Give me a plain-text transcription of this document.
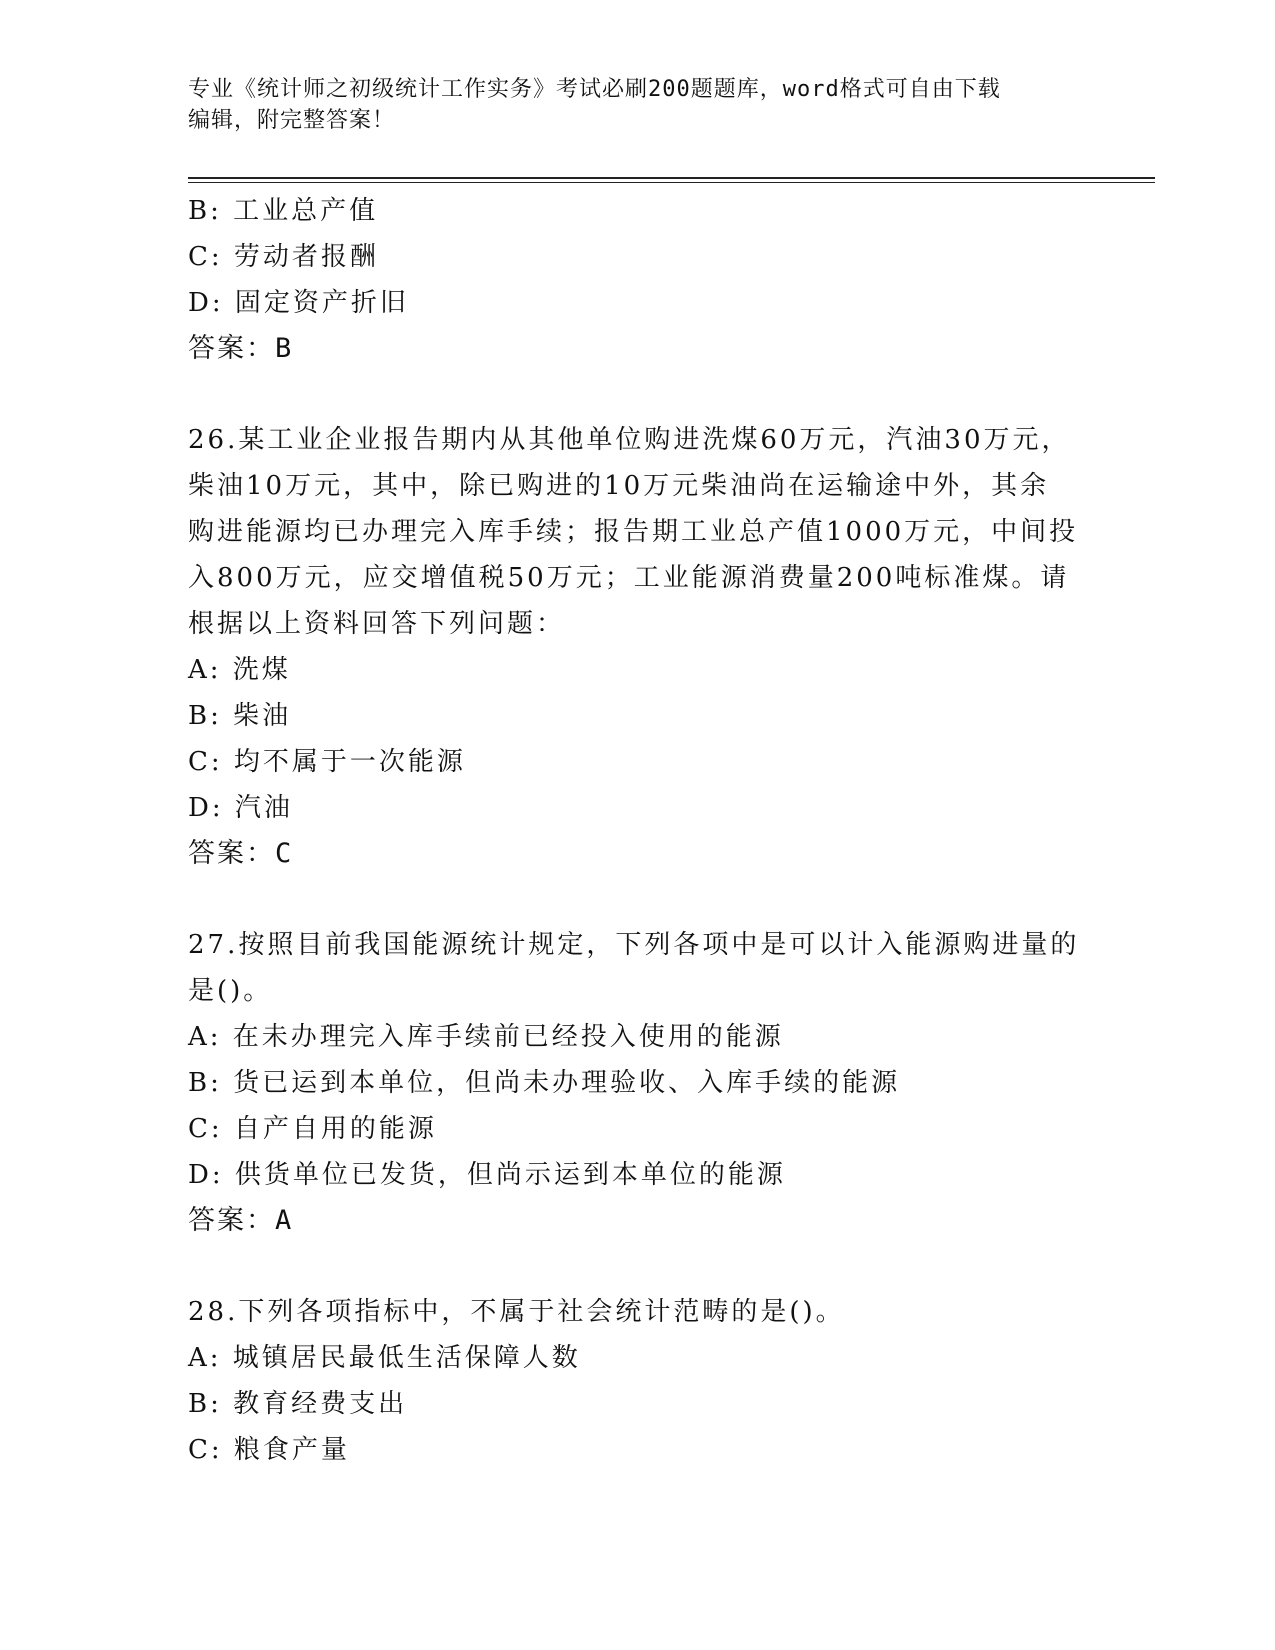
专业《统计师之初级统计工作实务》考试必刷200题题库，word格式可自由下载
编辑，附完整答案！
B: 工业总产值
C: 劳动者报酬
D: 固定资产折旧
答案：B
26.某工业企业报告期内从其他单位购进洗煤60万元，汽油30万元，
柴油10万元，其中，除已购进的10万元柴油尚在运输途中外，其余
购进能源均已办理完入库手续；报告期工业总产值1000万元，中间投
入800万元，应交增值税50万元；工业能源消费量200吨标准煤。请
根据以上资料回答下列问题：
A: 洗煤
B: 柴油
C: 均不属于一次能源
D: 汽油
答案：C
27.按照目前我国能源统计规定，下列各项中是可以计入能源购进量的
是()。
A: 在未办理完入库手续前已经投入使用的能源
B: 货已运到本单位，但尚未办理验收、入库手续的能源
C: 自产自用的能源
D: 供货单位已发货，但尚示运到本单位的能源
答案：A
28.下列各项指标中，不属于社会统计范畴的是()。
A: 城镇居民最低生活保障人数
B: 教育经费支出
C: 粮食产量
